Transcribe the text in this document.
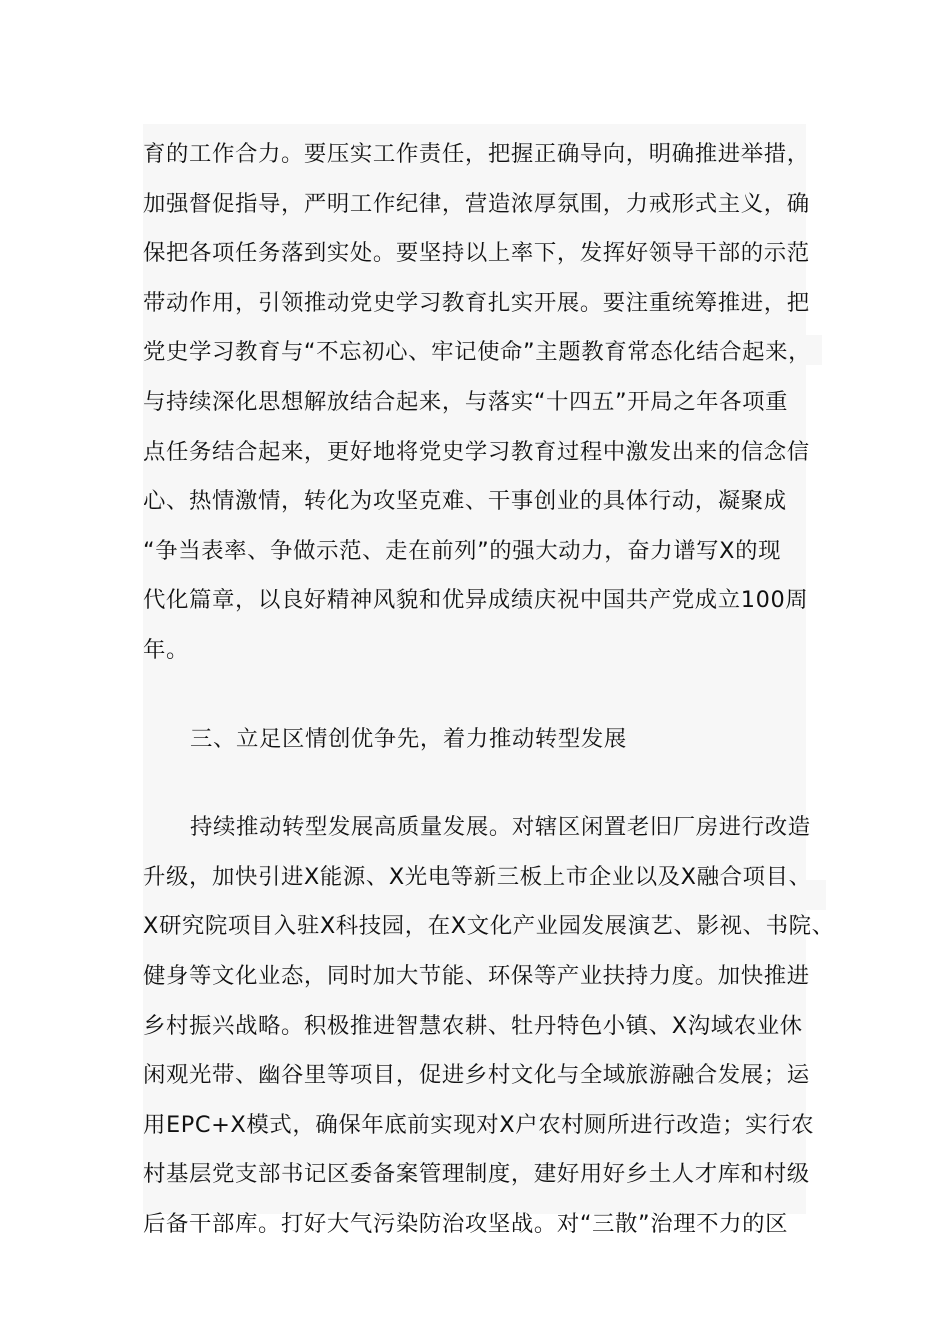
育的工作合力。要压实工作责任，把握正确导向，明确推进举措，
加强督促指导，严明工作纪律，营造浓厚氛围，力戒形式主义，确
保把各项任务落到实处。要坚持以上率下，发挥好领导干部的示范
带动作用，引领推动党史学习教育扎实开展。要注重统筹推进，把
党史学习教育与“不忘初心、牢记使命”主题教育常态化结合起来，
与持续深化思想解放结合起来，与落实“十四五”开局之年各项重
点任务结合起来，更好地将党史学习教育过程中激发出来的信念信
心、热情激情，转化为攻坚克难、干事创业的具体行动，凝聚成
“争当表率、争做示范、走在前列”的强大动力，奋力谱写X的现
代化篇章，以良好精神风貌和优异成绩庆祝中国共产党成立100周
年。
三、立足区情创优争先，着力推动转型发展
持续推动转型发展高质量发展。对辖区闲置老旧厂房进行改造
升级，加快引进X能源、X光电等新三板上市企业以及X融合项目、
X研究院项目入驻X科技园，在X文化产业园发展演艺、影视、书院、
健身等文化业态，同时加大节能、环保等产业扶持力度。加快推进
乡村振兴战略。积极推进智慧农耕、牡丹特色小镇、X沟域农业休
闲观光带、幽谷里等项目，促进乡村文化与全域旅游融合发展；运
用EPC+X模式，确保年底前实现对X户农村厕所进行改造；实行农
村基层党支部书记区委备案管理制度，建好用好乡土人才库和村级
后备干部库。打好大气污染防治攻坚战。对“三散”治理不力的区
